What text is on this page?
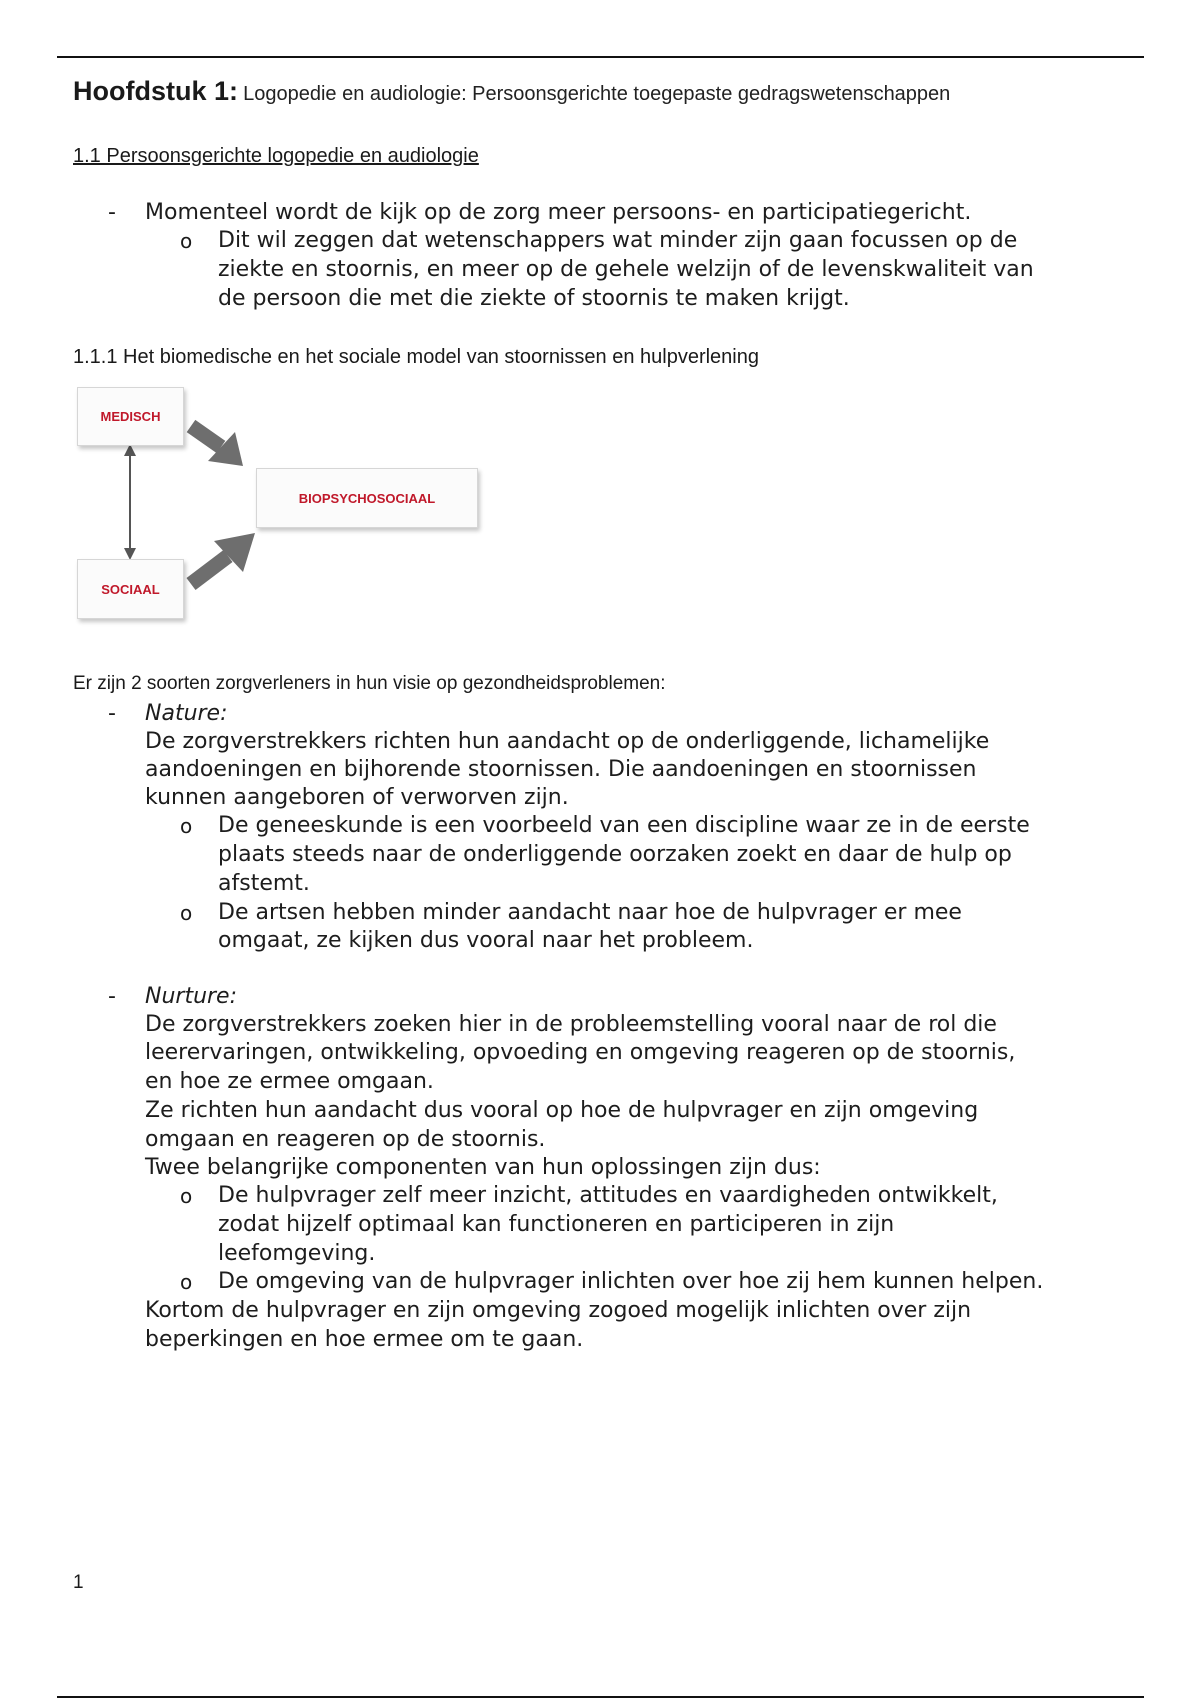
Hoofdstuk 1: Logopedie en audiologie: Persoonsgerichte toegepaste gedragswetenschappen
1.1 Persoonsgerichte logopedie en audiologie
- Momenteel wordt de kijk op de zorg meer persoons- en participatiegericht.
o Dit wil zeggen dat wetenschappers wat minder zijn gaan focussen op de
ziekte en stoornis, en meer op de gehele welzijn of de levenskwaliteit van
de persoon die met die ziekte of stoornis te maken krijgt.
1.1.1 Het biomedische en het sociale model van stoornissen en hulpverlening
MEDISCH
SOCIAAL
BIOPSYCHOSOCIAAL
Er zijn 2 soorten zorgverleners in hun visie op gezondheidsproblemen:
- Nature:
De zorgverstrekkers richten hun aandacht op de onderliggende, lichamelijke
aandoeningen en bijhorende stoornissen. Die aandoeningen en stoornissen
kunnen aangeboren of verworven zijn.
o De geneeskunde is een voorbeeld van een discipline waar ze in de eerste
plaats steeds naar de onderliggende oorzaken zoekt en daar de hulp op
afstemt.
o De artsen hebben minder aandacht naar hoe de hulpvrager er mee
omgaat, ze kijken dus vooral naar het probleem.
- Nurture:
De zorgverstrekkers zoeken hier in de probleemstelling vooral naar de rol die
leerervaringen, ontwikkeling, opvoeding en omgeving reageren op de stoornis,
en hoe ze ermee omgaan.
Ze richten hun aandacht dus vooral op hoe de hulpvrager en zijn omgeving
omgaan en reageren op de stoornis.
Twee belangrijke componenten van hun oplossingen zijn dus:
o De hulpvrager zelf meer inzicht, attitudes en vaardigheden ontwikkelt,
zodat hijzelf optimaal kan functioneren en participeren in zijn
leefomgeving.
o De omgeving van de hulpvrager inlichten over hoe zij hem kunnen helpen.
Kortom de hulpvrager en zijn omgeving zogoed mogelijk inlichten over zijn
beperkingen en hoe ermee om te gaan.
1
